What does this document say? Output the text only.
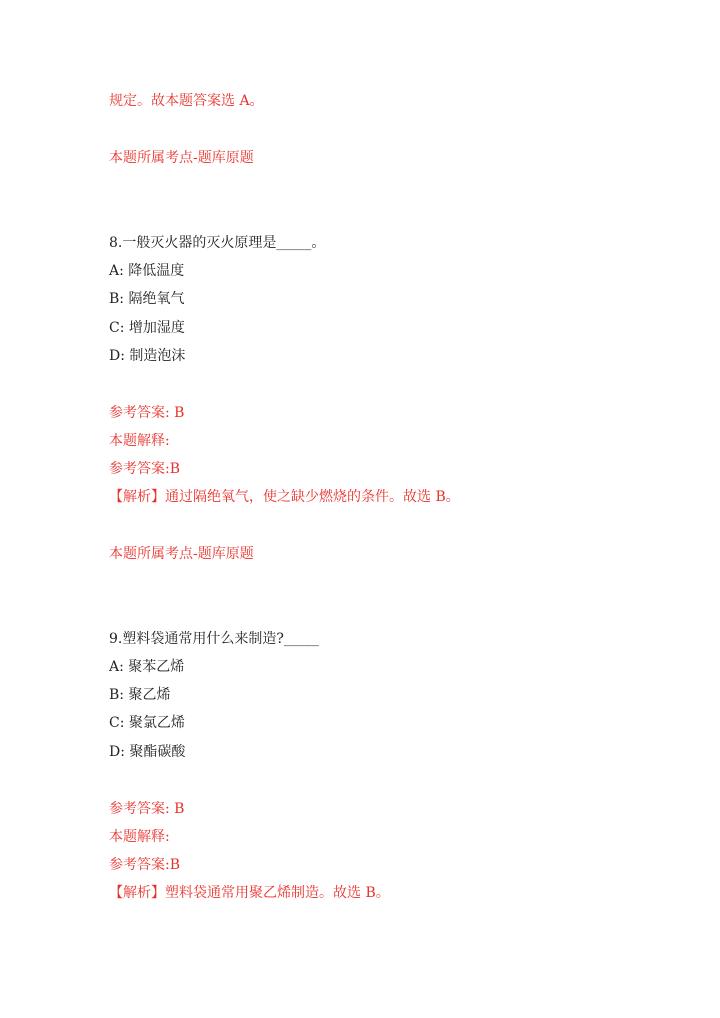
规定。故本题答案选 A。
本题所属考点-题库原题
8.一般灭火器的灭火原理是_____。
A: 降低温度
B: 隔绝氧气
C: 增加湿度
D: 制造泡沫
参考答案: B
本题解释:
参考答案:B
【解析】通过隔绝氧气，使之缺少燃烧的条件。故选 B。
本题所属考点-题库原题
9.塑料袋通常用什么来制造?_____
A: 聚苯乙烯
B: 聚乙烯
C: 聚氯乙烯
D: 聚酯碳酸
参考答案: B
本题解释:
参考答案:B
【解析】塑料袋通常用聚乙烯制造。故选 B。
